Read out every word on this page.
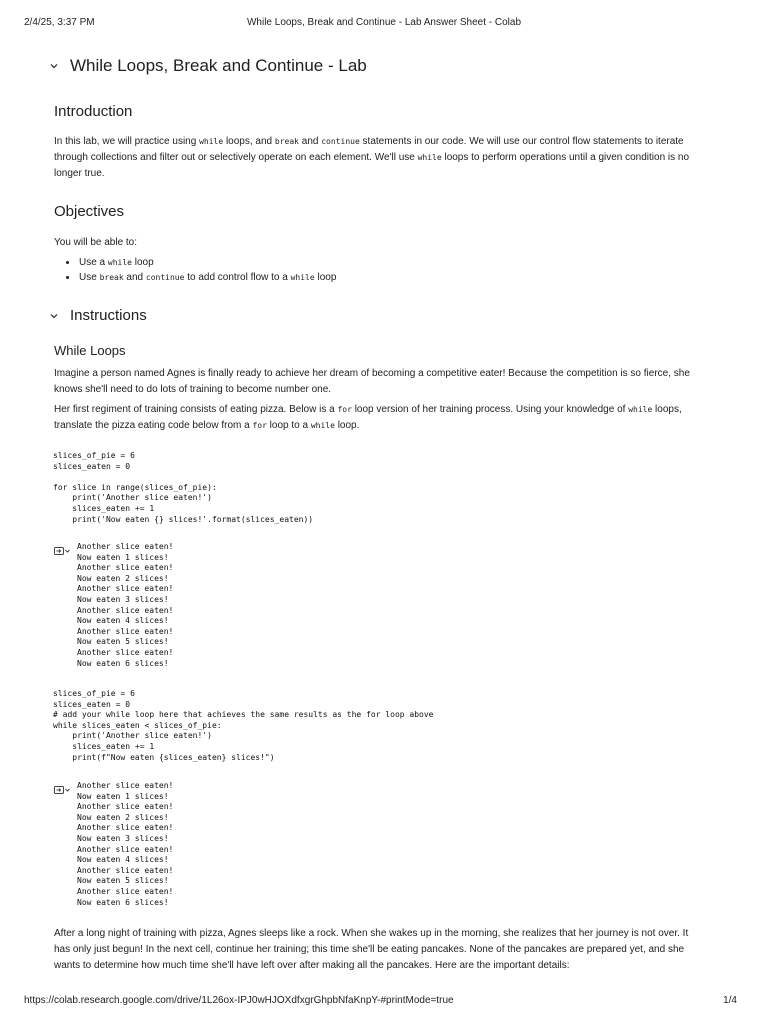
2/4/25, 3:37 PM	While Loops, Break and Continue - Lab Answer Sheet - Colab
While Loops, Break and Continue - Lab
Introduction

In this lab, we will practice using while loops, and break and continue statements in our code. We will use our control flow statements to iterate through collections and filter out or selectively operate on each element. We'll use while loops to perform operations until a given condition is no longer true.

Objectives

You will be able to:

• Use a while loop
• Use break and continue to add control flow to a while loop
Instructions
While Loops

Imagine a person named Agnes is finally ready to achieve her dream of becoming a competitive eater! Because the competition is so fierce, she knows she'll need to do lots of training to become number one.

Her first regiment of training consists of eating pizza. Below is a for loop version of her training process. Using your knowledge of while loops, translate the pizza eating code below from a for loop to a while loop.

slices_of_pie = 6
slices_eaten = 0

for slice in range(slices_of_pie):
print('Another slice eaten!')
slices_eaten += 1
print('Now eaten {} slices!'.format(slices_eaten))
Another slice eaten!
Now eaten 1 slices!
Another slice eaten!
Now eaten 2 slices!
Another slice eaten!
Now eaten 3 slices!
Another slice eaten!
Now eaten 4 slices!
Another slice eaten!
Now eaten 5 slices!
Another slice eaten!
Now eaten 6 slices!
slices_of_pie = 6
slices_eaten = 0
# add your while loop here that achieves the same results as the for loop above
while slices_eaten < slices_of_pie:
print('Another slice eaten!')
slices_eaten += 1
print(f"Now eaten {slices_eaten} slices!")
Another slice eaten!
Now eaten 1 slices!
Another slice eaten!
Now eaten 2 slices!
Another slice eaten!
Now eaten 3 slices!
Another slice eaten!
Now eaten 4 slices!
Another slice eaten!
Now eaten 5 slices!
Another slice eaten!
Now eaten 6 slices!

After a long night of training with pizza, Agnes sleeps like a rock. When she wakes up in the morning, she realizes that her journey is not over. It has only just begun! In the next cell, continue her training; this time she'll be eating pancakes. None of the pancakes are prepared yet, and she wants to determine how much time she'll have left over after making all the pancakes. Here are the important details:

https://colab.research.google.com/drive/1L26ox-IPJ0wHJOXdfxgrGhpbNfaKnpY-#printMode=true	1/4
